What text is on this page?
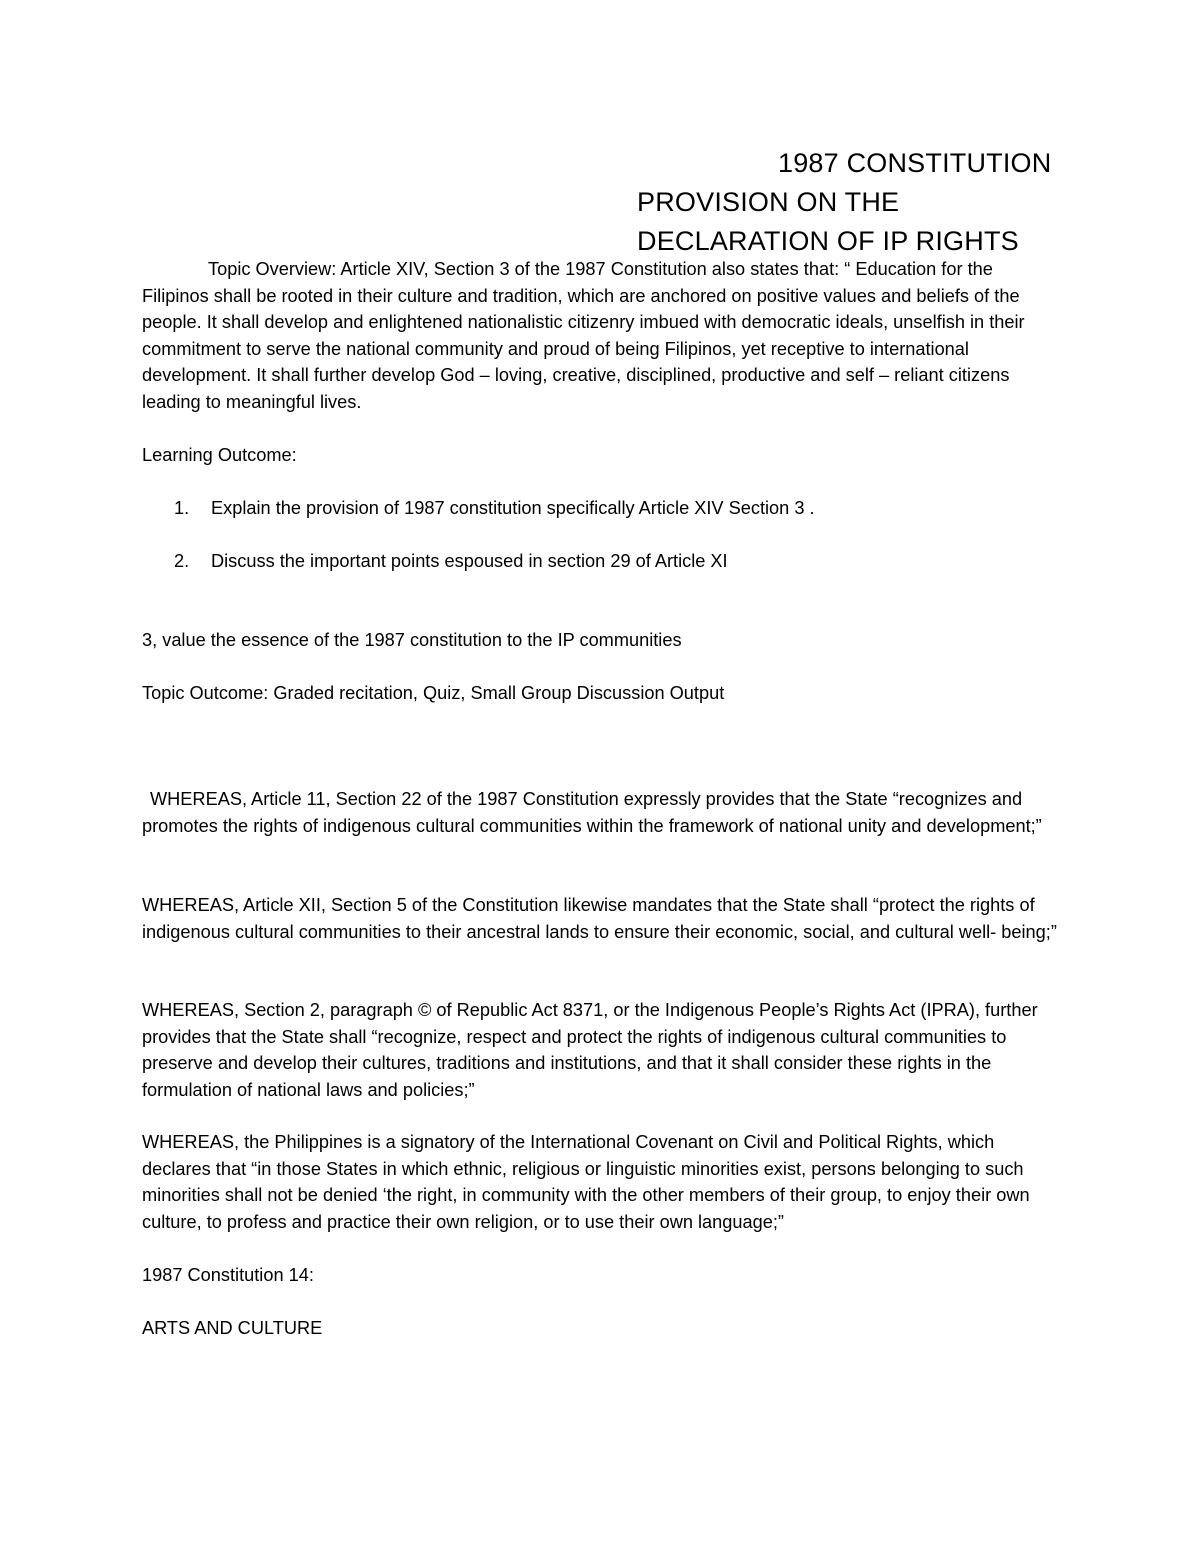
1987 CONSTITUTION
PROVISION ON THE
DECLARATION OF IP RIGHTS

Topic Overview: Article XIV, Section 3 of the 1987 Constitution also states that: “ Education for the Filipinos shall be rooted in their culture and tradition, which are anchored on positive values and beliefs of the people. It shall develop and enlightened nationalistic citizenry imbued with democratic ideals, unselfish in their commitment to serve the national community and proud of being Filipinos, yet receptive to international development. It shall further develop God – loving, creative, disciplined, productive and self – reliant citizens leading to meaningful lives.

Learning Outcome:

1. Explain the provision of 1987 constitution specifically Article XIV Section 3 .
2. Discuss the important points espoused in section 29 of Article XI

3, value the essence of the 1987 constitution to the IP communities

Topic Outcome: Graded recitation, Quiz, Small Group Discussion Output

WHEREAS, Article 11, Section 22 of the 1987 Constitution expressly provides that the State “recognizes and promotes the rights of indigenous cultural communities within the framework of national unity and development;”

WHEREAS, Article XII, Section 5 of the Constitution likewise mandates that the State shall “protect the rights of indigenous cultural communities to their ancestral lands to ensure their economic, social, and cultural well- being;”

WHEREAS, Section 2, paragraph © of Republic Act 8371, or the Indigenous People’s Rights Act (IPRA), further provides that the State shall “recognize, respect and protect the rights of indigenous cultural communities to preserve and develop their cultures, traditions and institutions, and that it shall consider these rights in the formulation of national laws and policies;”

WHEREAS, the Philippines is a signatory of the International Covenant on Civil and Political Rights, which declares that “in those States in which ethnic, religious or linguistic minorities exist, persons belonging to such minorities shall not be denied ‘the right, in community with the other members of their group, to enjoy their own culture, to profess and practice their own religion, or to use their own language;”

1987 Constitution 14:

ARTS AND CULTURE
